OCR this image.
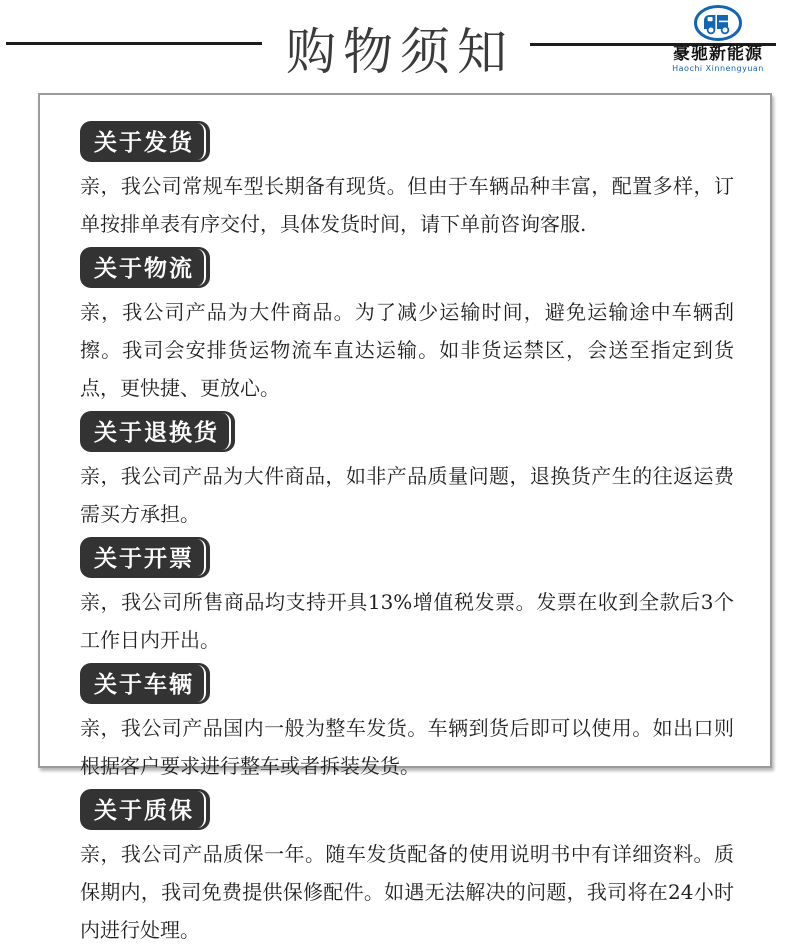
购物须知	豪驰新能源
Haochi Xinnengyuan
关于发货

亲，我公司常规车型长期备有现货。但由于车辆品种丰富，配置多样，订单按排单表有序交付，具体发货时间，请下单前咨询客服.

关于物流

亲，我公司产品为大件商品。为了减少运输时间，避免运输途中车辆刮擦。我司会安排货运物流车直达运输。如非货运禁区，会送至指定到货点，更快捷、更放心。

关于退换货

亲，我公司产品为大件商品，如非产品质量问题，退换货产生的往返运费需买方承担。

关于开票

亲，我公司所售商品均支持开具13%增值税发票。发票在收到全款后3个工作日内开出。

关于车辆

亲，我公司产品国内一般为整车发货。车辆到货后即可以使用。如出口则根据客户要求进行整车或者拆装发货。

关于质保

亲，我公司产品质保一年。随车发货配备的使用说明书中有详细资料。质保期内，我司免费提供保修配件。如遇无法解决的问题，我司将在24小时内进行处理。
